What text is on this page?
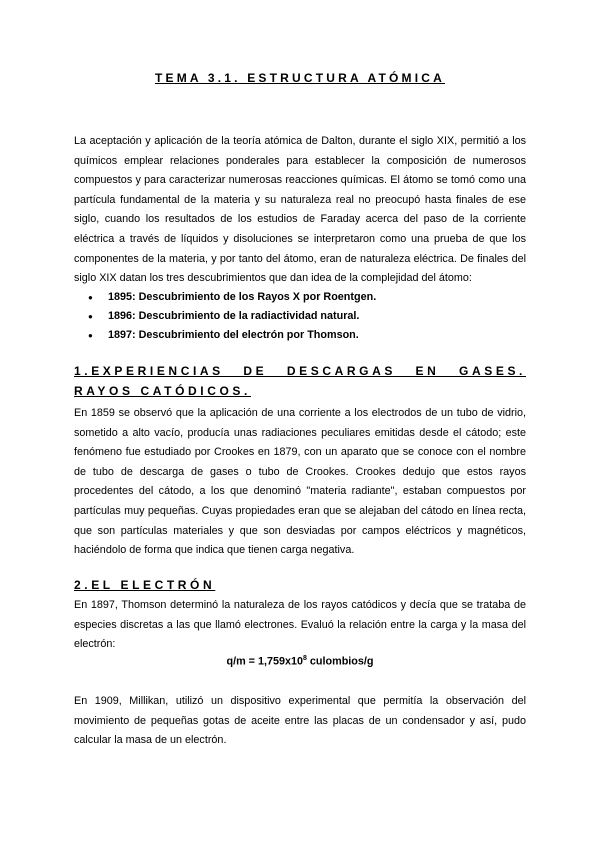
TEMA 3.1. ESTRUCTURA ATÓMICA
La aceptación y aplicación de la teoría atómica de Dalton, durante el siglo XIX, permitió a los químicos emplear relaciones ponderales para establecer la composición de numerosos compuestos y para caracterizar numerosas reacciones químicas. El átomo se tomó como una partícula fundamental de la materia y su naturaleza real no preocupó hasta finales de ese siglo, cuando los resultados de los estudios de Faraday acerca del paso de la corriente eléctrica a través de líquidos y disoluciones se interpretaron como una prueba de que los componentes de la materia, y por tanto del átomo, eran de naturaleza eléctrica. De finales del siglo XIX datan los tres descubrimientos que dan idea de la complejidad del átomo:
● 1895: Descubrimiento de los Rayos X por Roentgen.
● 1896: Descubrimiento de la radiactividad natural.
● 1897: Descubrimiento del electrón por Thomson.
1.EXPERIENCIAS DE DESCARGAS EN GASES.
RAYOS CATÓDICOS.
En 1859 se observó que la aplicación de una corriente a los electrodos de un tubo de vidrio, sometido a alto vacío, producía unas radiaciones peculiares emitidas desde el cátodo; este fenómeno fue estudiado por Crookes en 1879, con un aparato que se conoce con el nombre de tubo de descarga de gases o tubo de Crookes. Crookes dedujo que estos rayos procedentes del cátodo, a los que denominó "materia radiante", estaban compuestos por partículas muy pequeñas. Cuyas propiedades eran que se alejaban del cátodo en línea recta, que son partículas materiales y que son desviadas por campos eléctricos y magnéticos, haciéndolo de forma que indica que tienen carga negativa.
2.EL ELECTRÓN
En 1897, Thomson determinó la naturaleza de los rayos catódicos y decía que se trataba de especies discretas a las que llamó electrones. Evaluó la relación entre la carga y la masa del electrón:
$q/m = 1,759x10^8$ culombios/g
En 1909, Millikan, utilizó un dispositivo experimental que permitía la observación del movimiento de pequeñas gotas de aceite entre las placas de un condensador y así, pudo calcular la masa de un electrón.
